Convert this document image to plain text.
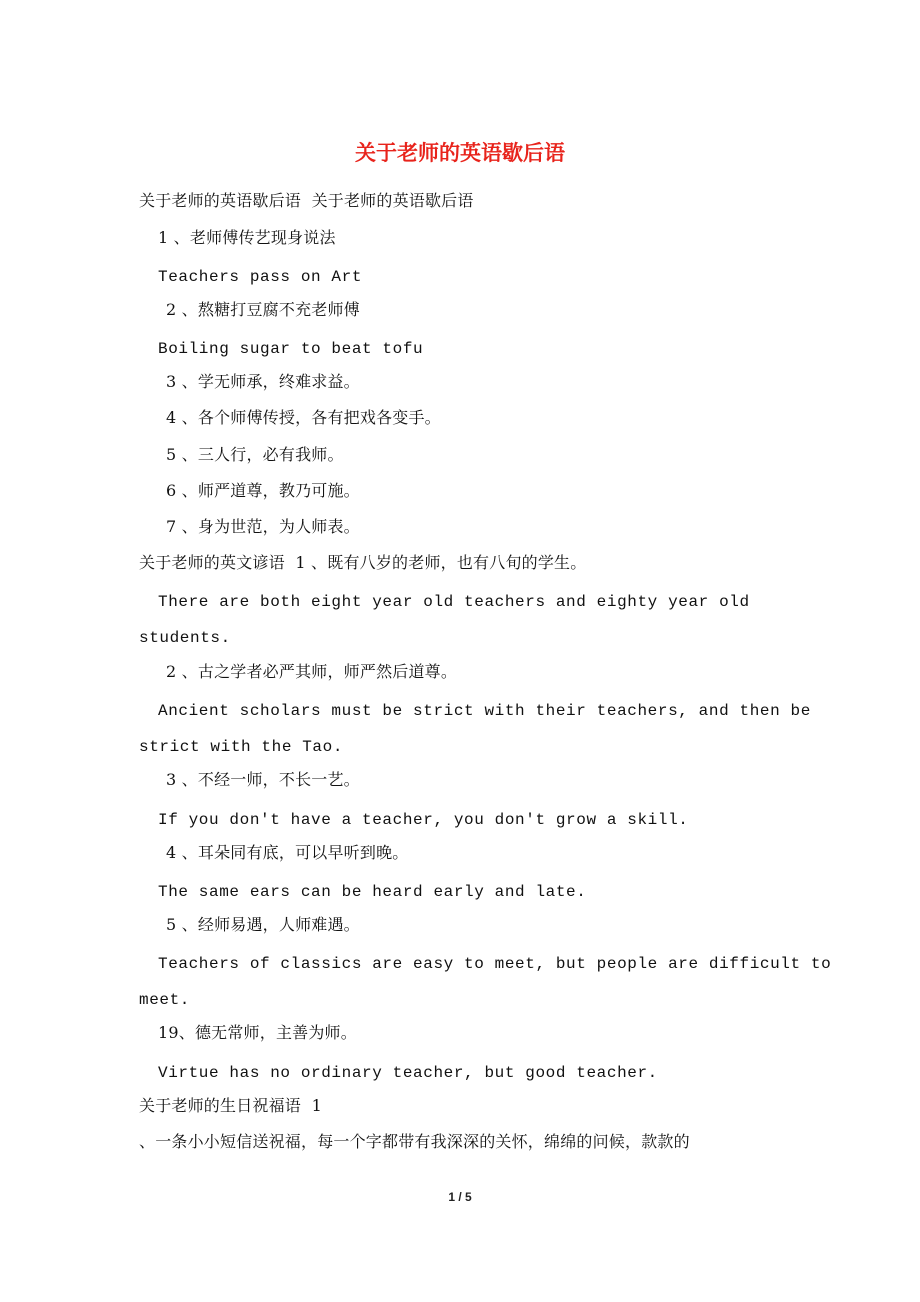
关于老师的英语歇后语
关于老师的英语歇后语  关于老师的英语歇后语
1 、老师傅传艺现身说法
Teachers pass on Art
2 、熬糖打豆腐不充老师傅
Boiling sugar to beat tofu
3 、学无师承，终难求益。
4 、各个师傅传授，各有把戏各变手。
5 、三人行，必有我师。
6 、师严道尊，教乃可施。
7 、身为世范，为人师表。
关于老师的英文谚语  1 、既有八岁的老师，也有八旬的学生。
There are both eight year old teachers and eighty year old
students.
2 、古之学者必严其师，师严然后道尊。
Ancient scholars must be strict with their teachers, and then be
strict with the Tao.
3 、不经一师，不长一艺。
If you don't have a teacher, you don't grow a skill.
4 、耳朵同有底，可以早听到晚。
The same ears can be heard early and late.
5 、经师易遇，人师难遇。
Teachers of classics are easy to meet, but people are difficult to
meet.
19、德无常师，主善为师。
Virtue has no ordinary teacher, but good teacher.
关于老师的生日祝福语  1
、一条小小短信送祝福，每一个字都带有我深深的关怀，绵绵的问候，款款的
1 / 5
